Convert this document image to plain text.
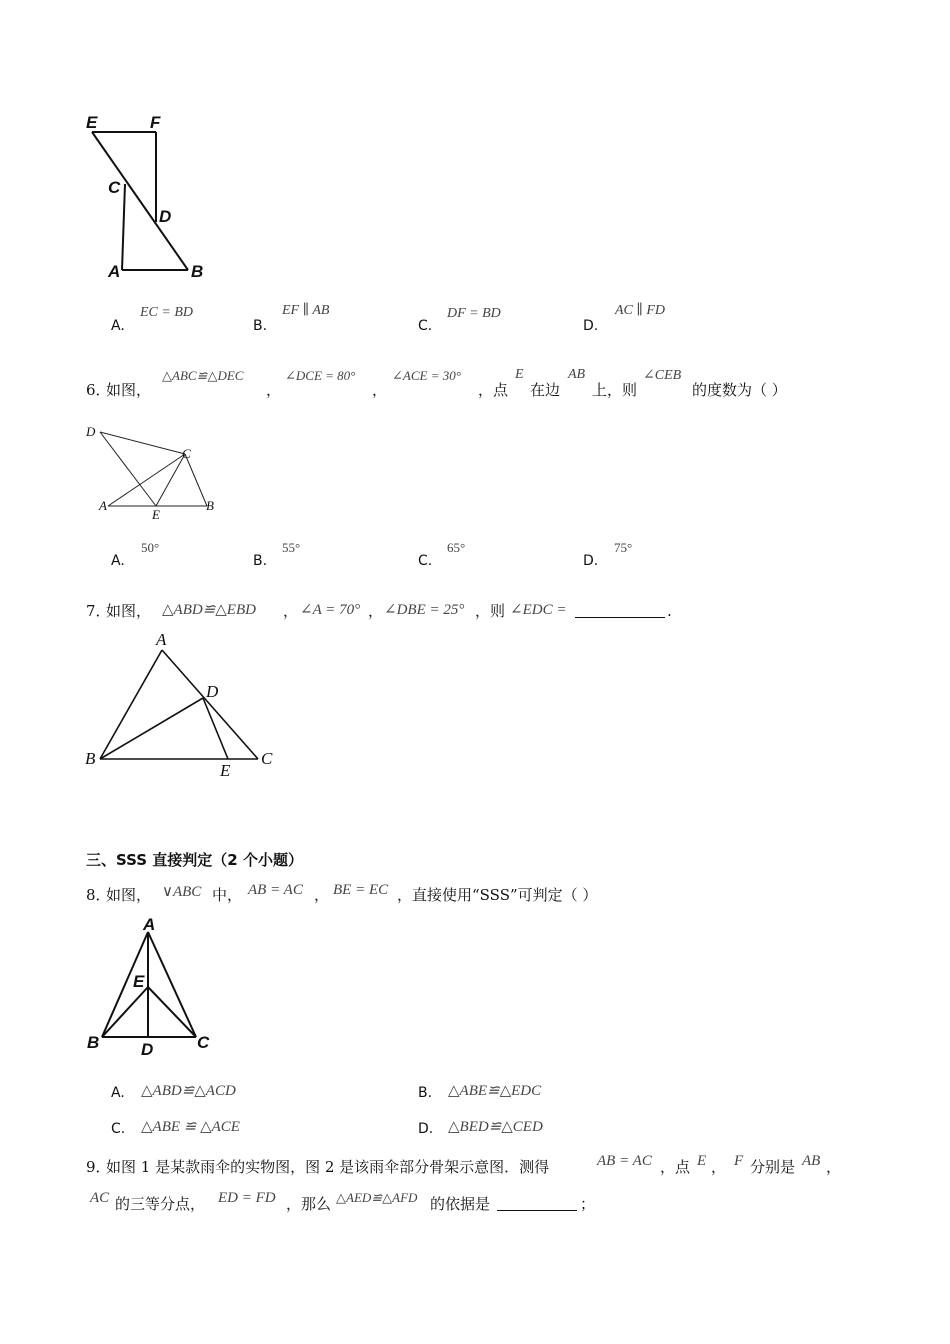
E	F
C
D
A	B
A.
EC = BD
B.
EF ∥ AB
C.
DF = BD
D.
AC ∥ FD
6．
如图，
△ABC≌△DEC
，
∠DCE = 80°
，
∠ACE = 30°
，点
E
在边
AB
上，则
∠CEB
的度数为（ ）
D
C
A
E
B
A.
50°
B.
55°
C.
65°
D.
75°
7．
如图， △ABD≌△EBD ， ∠A = 70° ， ∠DBE = 25° ，则 ∠EDC =	.
A
D
B
E
C
三、SSS 直接判定（2 个小题）
8．
如图， ∨ABC 中， AB = AC ， BE = EC ，直接使用“SSS”可判定（ ）
A
E
B D	C
A. △ABD≌△ACD	B. △ABE≌△EDC
C. △ABE ≌ △ACE	D. △BED≌△CED
9．
如图 1 是某款雨伞的实物图，图 2 是该雨伞部分骨架示意图．测得	AB = AC ，点 E ， F 分别是 AB ，
AC 的三等分点， ED = FD ，那么 △AED≌△AFD 的依据是	；
